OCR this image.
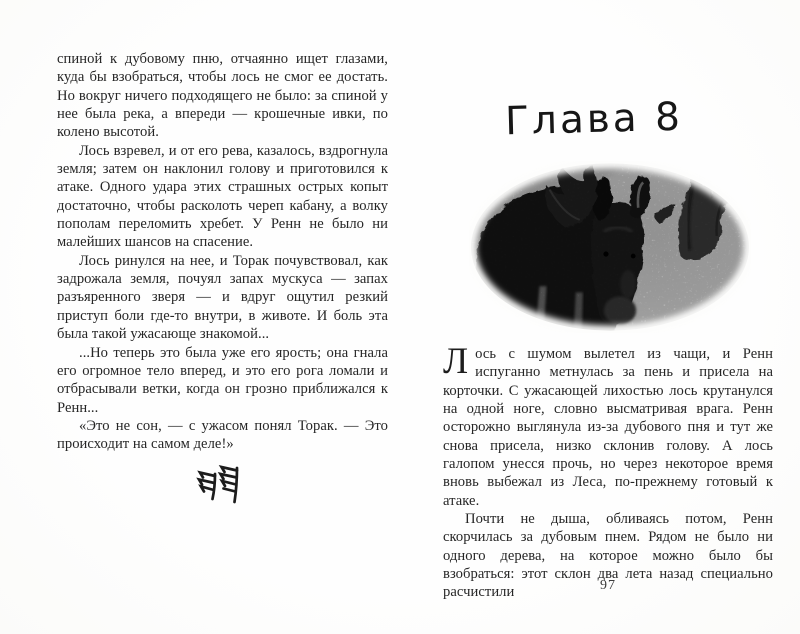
спиной к дубовому пню, отчаянно ищет глазами, куда бы взобраться, чтобы лось не смог ее достать. Но вокруг ничего подходящего не было: за спиной у нее была река, а впереди — крошечные ивки, по колено высотой.

Лось взревел, и от его рева, казалось, вздрогнула земля; затем он наклонил голову и приготовился к атаке. Одного удара этих страшных острых копыт достаточно, чтобы расколоть череп кабану, а волку пополам переломить хребет. У Ренн не было ни малейших шансов на спасение.

Лось ринулся на нее, и Торак почувствовал, как задрожала земля, почуял запах мускуса — запах разъяренного зверя — и вдруг ощутил резкий приступ боли где-то внутри, в животе. И боль эта была такой ужасающе знакомой...

...Но теперь это была уже его ярость; она гнала его огромное тело вперед, и это его рога ломали и отбрасывали ветки, когда он грозно приближался к Ренн...

«Это не сон, — с ужасом понял Торак. — Это происходит на самом деле!»

Глава 8

Лось с шумом вылетел из чащи, и Ренн испуганно метнулась за пень и присела на корточки. С ужасающей лихостью лось крутанулся на одной ноге, словно высматривая врага. Ренн осторожно выглянула из-за дубового пня и тут же снова присела, низко склонив голову. А лось галопом унесся прочь, но через некоторое время вновь выбежал из Леса, по-прежнему готовый к атаке.

Почти не дыша, обливаясь потом, Ренн скорчилась за дубовым пнем. Рядом не было ни одного дерева, на которое можно было бы взобраться: этот склон два лета назад специально расчистили	97
